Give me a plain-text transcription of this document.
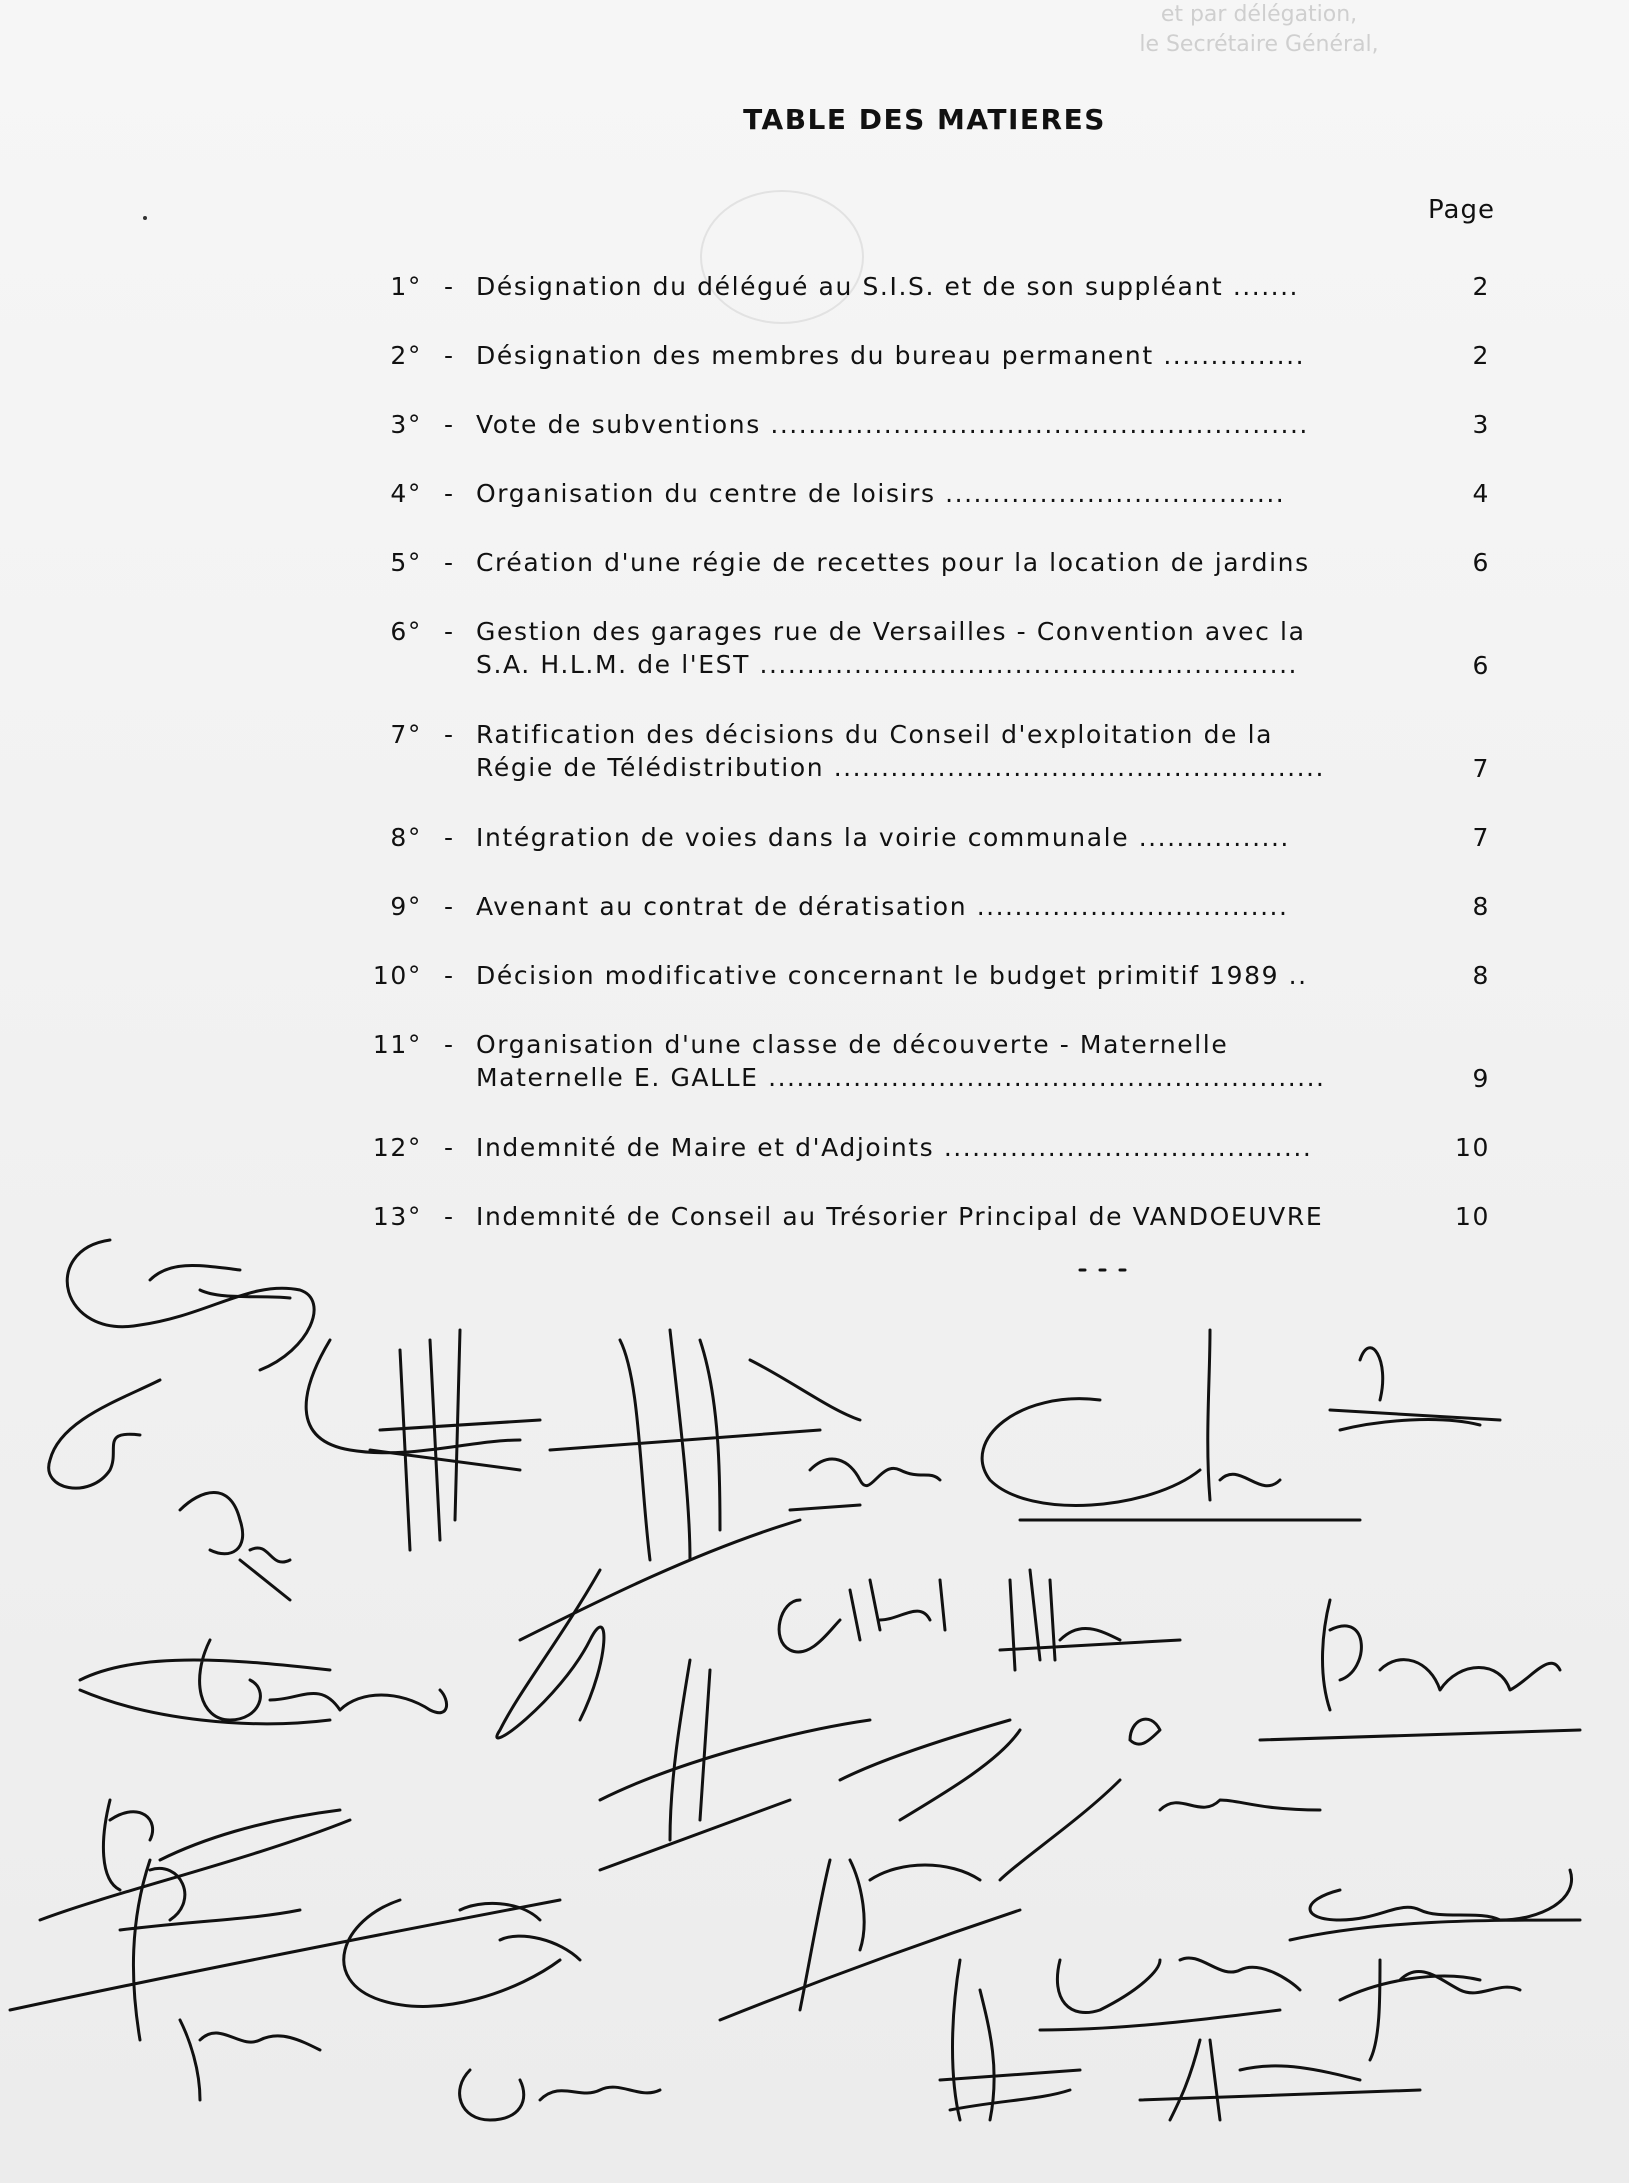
et par délégation,
le Secrétaire Général,
TABLE DES MATIERES
Page
1° - Désignation du délégué au S.I.S. et de son suppléant .......	2
2° - Désignation des membres du bureau permanent ...............	2
3° - Vote de subventions .........................................................	3
4° - Organisation du centre de loisirs ....................................	4
5° - Création d'une régie de recettes pour la location de jardins	6
6° - Gestion des garages rue de Versailles - Convention avec la
S.A. H.L.M. de l'EST .........................................................	6
7° - Ratification des décisions du Conseil d'exploitation de la
Régie de Télédistribution ....................................................	7
8° - Intégration de voies dans la voirie communale ................	7
9° - Avenant au contrat de dératisation .................................	8
10° - Décision modificative concernant le budget primitif 1989 ..	8
11° - Organisation d'une classe de découverte - Maternelle
Maternelle E. GALLE ...........................................................	9
12° - Indemnité de Maire et d'Adjoints .......................................	10
13° - Indemnité de Conseil au Trésorier Principal de VANDOEUVRE	10
